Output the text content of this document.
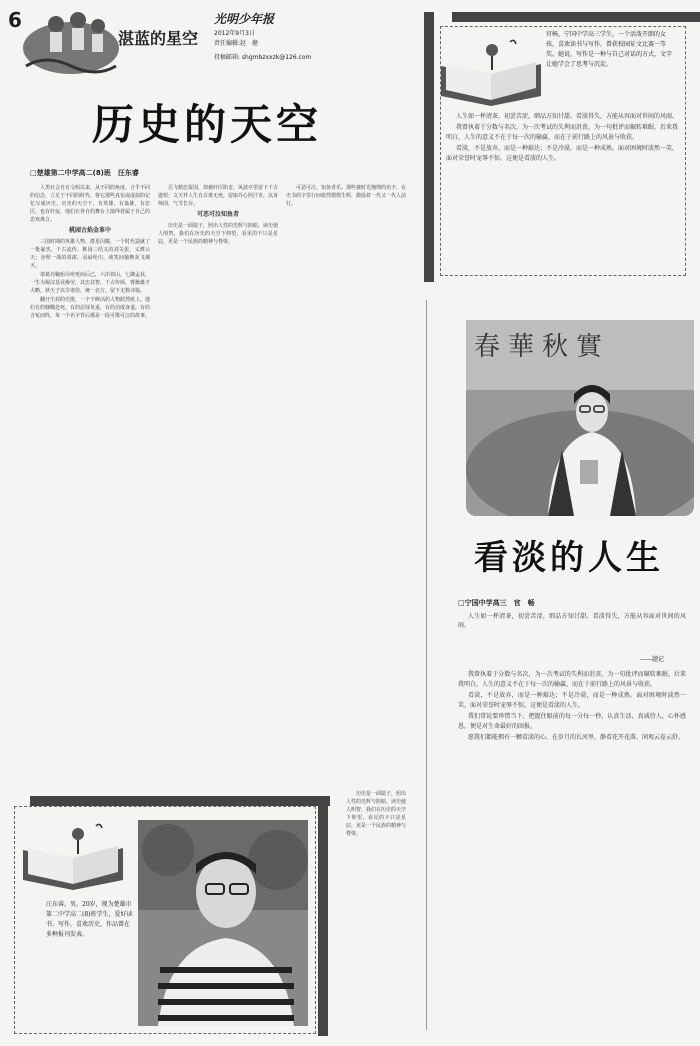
6
湛蓝的星空
光明少年报
2012年9月3日
责任编辑:赵　健
投稿邮箱: shgmbzxxzk@126.com
历史的天空
□楚雄第二中学高二(8)班　汪东睿

人类社会自有文明以来，从不同的角度，合乎不同的信念，立足于不同的时代，将它那些真实或虚拟的记忆写成历史。历史的天空下，有英雄，有枭雄，有忠臣，也有奸佞，他们在各自的舞台上演绎着属于自己的悲欢离合。

桃园古焰金革中

三国时期的英雄人物，群星闪耀，一个时代造就了一批豪杰，千古流传。桃园三结义的刘关张，义薄云天；赤壁一战的周郎，羽扇纶巾，谈笑间樯橹灰飞烟灭。

诸葛亮鞠躬尽瘁死而后已，六出祁山，七擒孟获，一生为蜀汉基业操劳，其忠其智，千古传颂。曹操雄才大略，挟天子以令诸侯，统一北方，留下无数诗篇。

翻开尘封的史册，一个个鲜活的人物跃然纸上。他们有的慷慨赴死，有的忍辱负重，有的功成身退，有的含冤而终，每一个名字背后都是一段可歌可泣的故事。

岳飞精忠报国，却被奸臣陷害，风波亭里留下千古遗恨；文天祥人生自古谁无死，留取丹心照汗青，以身殉国，气节长存。

可恶可泣知鱼者

历史是一面镜子，照出人性的光辉与阴暗。读史使人明智，我们在历史的天空下仰望，看见的不只是星辰，更是一个民族的精神与脊梁。

可恶可泣，知鱼者乐。那些被时光掩埋的名字，在史书的字里行间依然熠熠生辉，激励着一代又一代人前行。

历史是一面镜子，照出人性的光辉与阴暗。读史使人明智，我们在历史的天空下仰望，看见的不只是星辰，更是一个民族的精神与脊梁。

汪东睿，男，20岁，现为楚雄市第二中学高二(8)班学生，爱好读书、写作，喜欢历史，作品曾在多种报刊发表。
官畅，宁国中学高三学生，一个活泼开朗的女孩，喜欢读书与写作，曾获校园征文比赛一等奖。她说，写作是一种与自己对话的方式，文字让她学会了思考与沉淀。

人生如一杯清茶，初尝苦涩，细品方知甘甜。看淡得失，方能从容面对世间的风雨。

我曾执着于分数与名次，为一次考试的失利而沮丧，为一句批评而辗转难眠。后来我明白，人生的意义不在于每一次的输赢，而在于前行路上的风景与收获。

看淡，不是放弃，而是一种豁达；不是冷漠，而是一种成熟。面对困境时淡然一笑，面对荣誉时宠辱不惊，这便是看淡的人生。

春華秋實
看淡的人生
□宁国中学高三　官　畅

人生如一杯清茶，初尝苦涩，细品方知甘甜。看淡得失，方能从容面对世间的风雨。

——题记

我曾执着于分数与名次，为一次考试的失利而沮丧，为一句批评而辗转难眠。后来我明白，人生的意义不在于每一次的输赢，而在于前行路上的风景与收获。

看淡，不是放弃，而是一种豁达；不是冷漠，而是一种成熟。面对困境时淡然一笑，面对荣誉时宠辱不惊，这便是看淡的人生。

我们常说要珍惜当下。把握住眼前的每一分每一秒，认真生活，真诚待人，心怀感恩，便是对生命最好的回报。

愿我们都能拥有一颗看淡的心，在岁月的长河里，静看花开花落，闲观云卷云舒。
